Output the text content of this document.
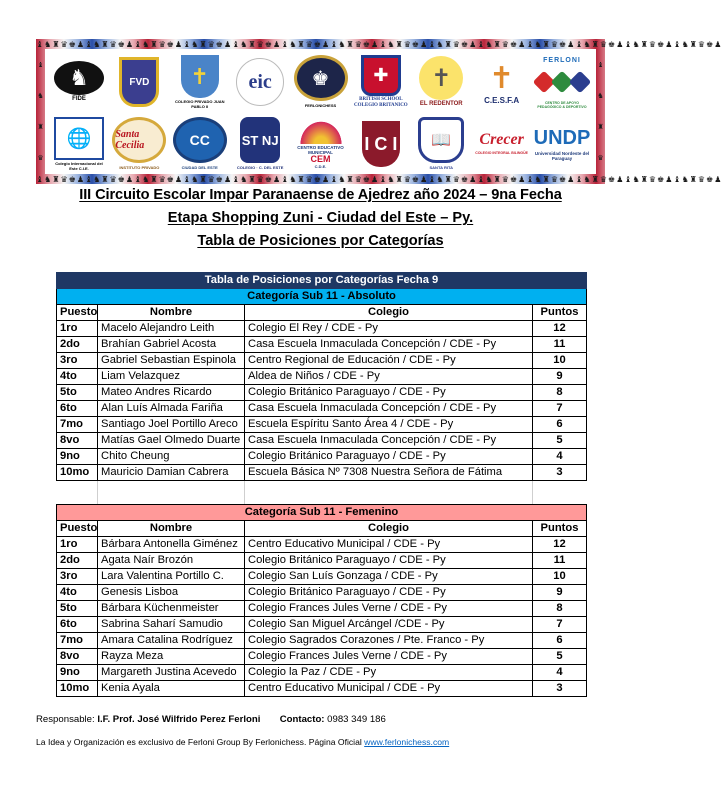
♝♞♜♛♚♟ ♝♞♜♛♚♟ ♝♞♜♛♚♟ ♝♞♜♛♚♟ ♝♞♜♛♚♟ ♝♞♜♛♚♟ ♝♞♜♛♚♟ ♝♞♜♛♚♟ ♝♞♜♛♚♟ ♝♞♜♛♚♟ ♝♞♜♛♚♟ ♝♞♜♛♚♟ ♝♞♜♛♚♟ ♝♞♜♛♚♟
♝♞♜♛♚♟ ♝♞♜♛♚♟ ♝♞♜♛♚♟ ♝♞♜♛♚♟ ♝♞♜♛♚♟ ♝♞♜♛♚♟ ♝♞♜♛♚♟ ♝♞♜♛♚♟ ♝♞♜♛♚♟ ♝♞♜♛♚♟ ♝♞♜♛♚♟ ♝♞♜♛♚♟ ♝♞♜♛♚♟ ♝♞♜♛♚♟
♝
♞
♜
♛
♝
♞
♜
♛
♞
FIDE
FVD	✝
COLEGIO PRIVADO JUAN PABLO II
eic	♚
FERLONICHESS
✚
BRITISH SCHOOL COLEGIO BRITANICO
✝
EL REDENTOR
✝
C.E.S.F.A
FERLONI
CENTRO DE APOYO PEDAGÓGICO & DEPORTIVO
🌐
Colegio Internacional del Este C.I.E.
Santa Cecilia
INSTITUTO PRIVADO
CC
CIUDAD DEL ESTE
ST NJ
COLEGIO · C. DEL ESTE
CENTRO EDUCATIVO MUNICIPAL
CEM
C.D.E.
I C I	📖
SANTA RITA
Crecer
COLEGIO INTEGRAL BILINGÜE
UNDP
Universidad Nordeste del Paraguay
III Circuito Escolar Impar Paranaense de Ajedrez año 2024 – 9na Fecha
Etapa Shopping Zuni - Ciudad del Este – Py.
Tabla de Posiciones por Categorías
Tabla de Posiciones por Categorías Fecha 9			
Categoría Sub 11 - Absoluto			
Puesto	Nombre	Colegio	Puntos
1ro	Macelo Alejandro Leith	Colegio El Rey / CDE - Py	12
2do	Brahían Gabriel Acosta	Casa Escuela Inmaculada Concepción / CDE - Py	11
3ro	Gabriel Sebastian Espinola	Centro Regional de Educación / CDE - Py	10
4to	Liam Velazquez	Aldea de Niños / CDE - Py	9
5to	Mateo Andres Ricardo	Colegio Británico Paraguayo / CDE - Py	8
6to	Alan Luís Almada Fariña	Casa Escuela Inmaculada Concepción / CDE - Py	7
7mo	Santiago Joel Portillo Areco	Escuela Espíritu Santo Área 4 / CDE - Py	6
8vo	Matías Gael Olmedo Duarte	Casa Escuela Inmaculada Concepción / CDE - Py	5
9no	Chito Cheung	Colegio Británico Paraguayo / CDE - Py	4
10mo	Mauricio Damian Cabrera	Escuela Básica Nº 7308 Nuestra Señora de Fátima	3

Categoría Sub 11 - Femenino			
Puesto	Nombre	Colegio	Puntos
1ro	Bárbara Antonella Giménez	Centro Educativo Municipal / CDE - Py	12
2do	Agata Naír Brozón	Colegio Británico Paraguayo / CDE - Py	11
3ro	Lara Valentina Portillo C.	Colegio San Luís Gonzaga / CDE - Py	10
4to	Genesis Lisboa	Colegio Británico Paraguayo / CDE - Py	9
5to	Bárbara Küchenmeister	Colegio Frances Jules Verne / CDE - Py	8
6to	Sabrina Saharí Samudio	Colegio San Miguel Arcángel /CDE - Py	7
7mo	Amara Catalina Rodríguez	Colegio Sagrados Corazones / Pte. Franco - Py	6
8vo	Rayza Meza	Colegio Frances Jules Verne / CDE - Py	5
9no	Margareth Justina Acevedo	Colegio la Paz / CDE - Py	4
10mo	Kenia Ayala	Centro Educativo Municipal / CDE - Py	3
Responsable: I.F. Prof. José Wilfrido Perez Ferloni Contacto: 0983 349 186
La Idea y Organización es exclusivo de Ferloni Group By Ferlonichess. Página Oficial www.ferlonichess.com
